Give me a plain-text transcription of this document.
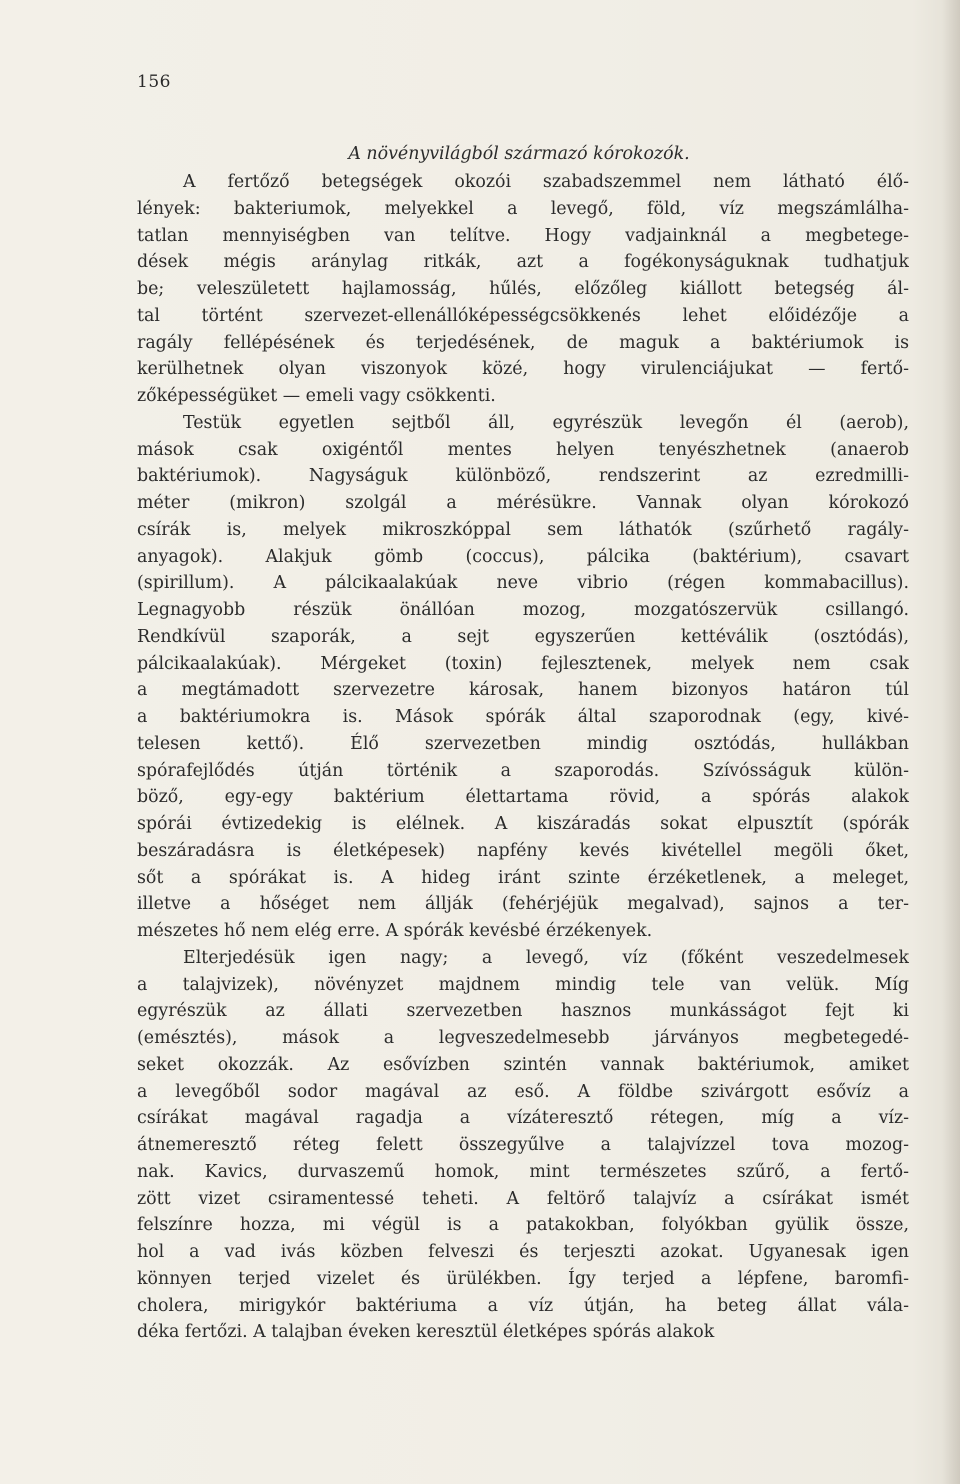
156
A növényvilágból származó kórokozók.
A fertőző betegségek okozói szabadszemmel nem látható élő-
lények: bakteriumok, melyekkel a levegő, föld, víz megszámlálha-
tatlan mennyiségben van telítve. Hogy vadjainknál a megbetege-
dések mégis aránylag ritkák, azt a fogékonyságuknak tudhatjuk
be; veleszületett hajlamosság, hűlés, előzőleg kiállott betegség ál-
tal történt szervezet-ellenállóképességcsökkenés lehet előidézője a
ragály fellépésének és terjedésének, de maguk a baktériumok is
kerülhetnek olyan viszonyok közé, hogy virulenciájukat — fertő-
zőképességüket — emeli vagy csökkenti.
Testük egyetlen sejtből áll, egyrészük levegőn él (aerob),
mások csak oxigéntől mentes helyen tenyészhetnek (anaerob
baktériumok). Nagyságuk különböző, rendszerint az ezredmilli-
méter (mikron) szolgál a mérésükre. Vannak olyan kórokozó
csírák is, melyek mikroszkóppal sem láthatók (szűrhető ragály-
anyagok). Alakjuk gömb (coccus), pálcika (baktérium), csavart
(spirillum). A pálcikaalakúak neve vibrio (régen kommabacillus).
Legnagyobb részük önállóan mozog, mozgatószervük csillangó.
Rendkívül szaporák, a sejt egyszerűen kettéválik (osztódás),
pálcikaalakúak). Mérgeket (toxin) fejlesztenek, melyek nem csak
a megtámadott szervezetre károsak, hanem bizonyos határon túl
a baktériumokra is. Mások spórák által szaporodnak (egy, kivé-
telesen kettő). Élő szervezetben mindig osztódás, hullákban
spórafejlődés útján történik a szaporodás. Szívósságuk külön-
böző, egy-egy baktérium élettartama rövid, a spórás alakok
spórái évtizedekig is elélnek. A kiszáradás sokat elpusztít (spórák
beszáradásra is életképesek) napfény kevés kivétellel megöli őket,
sőt a spórákat is. A hideg iránt szinte érzéketlenek, a meleget,
illetve a hőséget nem állják (fehérjéjük megalvad), sajnos a ter-
mészetes hő nem elég erre. A spórák kevésbé érzékenyek.
Elterjedésük igen nagy; a levegő, víz (főként veszedelmesek
a talajvizek), növényzet majdnem mindig tele van velük. Míg
egyrészük az állati szervezetben hasznos munkásságot fejt ki
(emésztés), mások a legveszedelmesebb járványos megbetegedé-
seket okozzák. Az esővízben szintén vannak baktériumok, amiket
a levegőből sodor magával az eső. A földbe szivárgott esővíz a
csírákat magával ragadja a vízáteresztő rétegen, míg a víz-
átnemeresztő réteg felett összegyűlve a talajvízzel tova mozog-
nak. Kavics, durvaszemű homok, mint természetes szűrő, a fertő-
zött vizet csiramentessé teheti. A feltörő talajvíz a csírákat ismét
felszínre hozza, mi végül is a patakokban, folyókban gyülik össze,
hol a vad ivás közben felveszi és terjeszti azokat. Ugyanesak igen
könnyen terjed vizelet és ürülékben. Így terjed a lépfene, baromfi-
cholera, mirigykór baktériuma a víz útján, ha beteg állat vála-
déka fertőzi. A talajban éveken keresztül életképes spórás alakok
